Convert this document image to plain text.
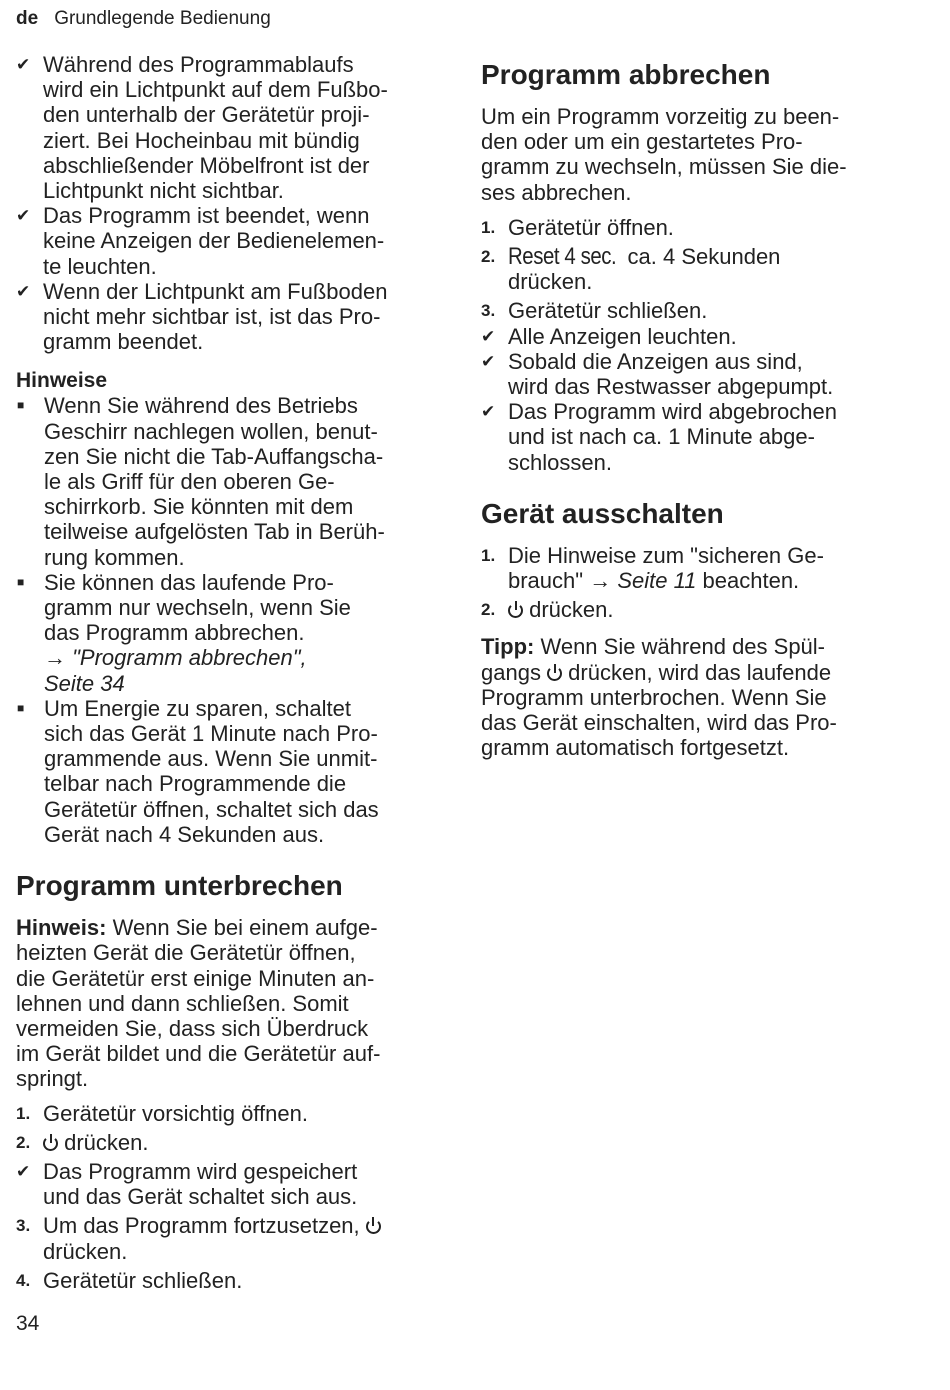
de Grundlegende Bedienung
✔ Während des Programmablaufs
wird ein Lichtpunkt auf dem Fußbo-
den unterhalb der Gerätetür proji-
ziert. Bei Hocheinbau mit bündig
abschließender Möbelfront ist der
Lichtpunkt nicht sichtbar.
✔ Das Programm ist beendet, wenn
keine Anzeigen der Bedienelemen-
te leuchten.
✔ Wenn der Lichtpunkt am Fußboden
nicht mehr sichtbar ist, ist das Pro-
gramm beendet.
Hinweise
■ Wenn Sie während des Betriebs
Geschirr nachlegen wollen, benut-
zen Sie nicht die Tab-Auffangscha-
le als Griff für den oberen Ge-
schirrkorb. Sie könnten mit dem
teilweise aufgelösten Tab in Berüh-
rung kommen.
■ Sie können das laufende Pro-
gramm nur wechseln, wenn Sie
das Programm abbrechen.
→ "Programm abbrechen",
Seite 34
■ Um Energie zu sparen, schaltet
sich das Gerät 1 Minute nach Pro-
grammende aus. Wenn Sie unmit-
telbar nach Programmende die
Gerätetür öffnen, schaltet sich das
Gerät nach 4 Sekunden aus.
Programm unterbrechen
Hinweis: Wenn Sie bei einem aufge-
heizten Gerät die Gerätetür öffnen,
die Gerätetür erst einige Minuten an-
lehnen und dann schließen. Somit
vermeiden Sie, dass sich Überdruck
im Gerät bildet und die Gerätetür auf-
springt.
1. Gerätetür vorsichtig öffnen.
2.	drücken.
✔ Das Programm wird gespeichert
und das Gerät schaltet sich aus.
3. Um das Programm fortzusetzen,
drücken.
4. Gerätetür schließen.
Programm abbrechen
Um ein Programm vorzeitig zu been-
den oder um ein gestartetes Pro-
gramm zu wechseln, müssen Sie die-
ses abbrechen.
1. Gerätetür öffnen.
2. Reset 4 sec. ca. 4 Sekunden
drücken.
3. Gerätetür schließen.
✔ Alle Anzeigen leuchten.
✔ Sobald die Anzeigen aus sind,
wird das Restwasser abgepumpt.
✔ Das Programm wird abgebrochen
und ist nach ca. 1 Minute abge-
schlossen.
Gerät ausschalten
1. Die Hinweise zum "sicheren Ge-
brauch" → Seite 11 beachten.
2.	drücken.
Tipp: Wenn Sie während des Spül-
gangs  drücken, wird das laufende
Programm unterbrochen. Wenn Sie
das Gerät einschalten, wird das Pro-
gramm automatisch fortgesetzt.
34
